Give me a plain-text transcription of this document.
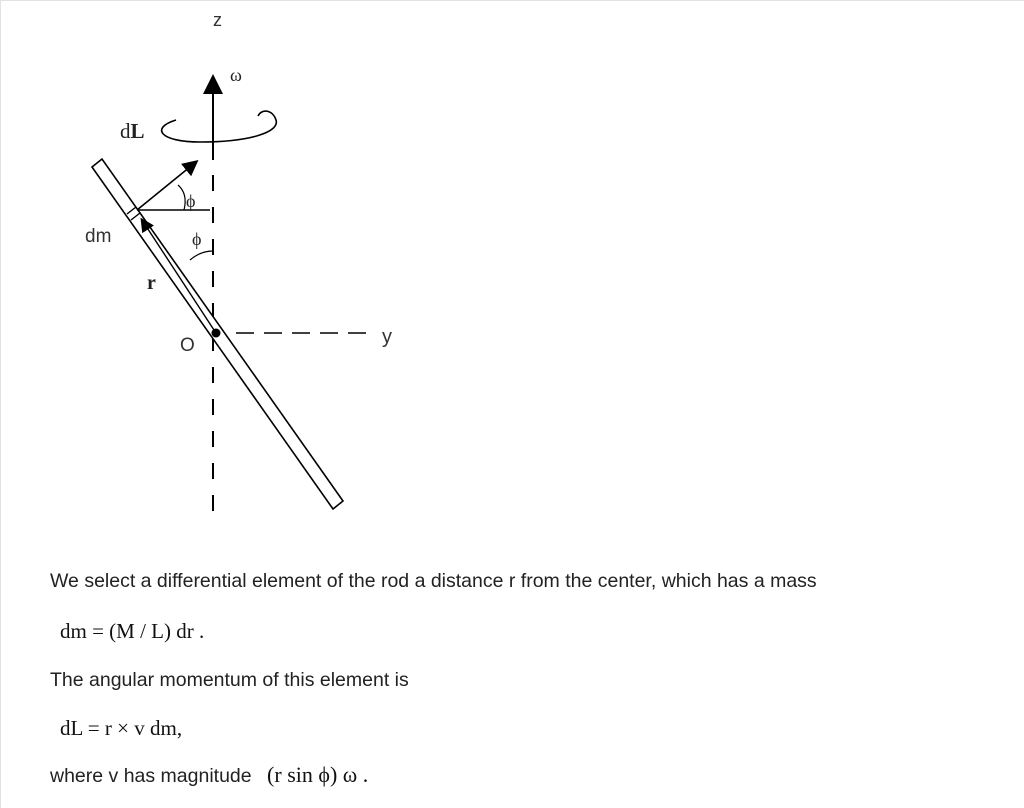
z
ω
dL
ϕ
ϕ
dm
r
O	y
We select a differential element of the rod a distance r from the center, which has a mass
dm = (M / L) dr .
The angular momentum of this element is
dL = r × v dm,
where v has magnitude (r sin ϕ) ω .
